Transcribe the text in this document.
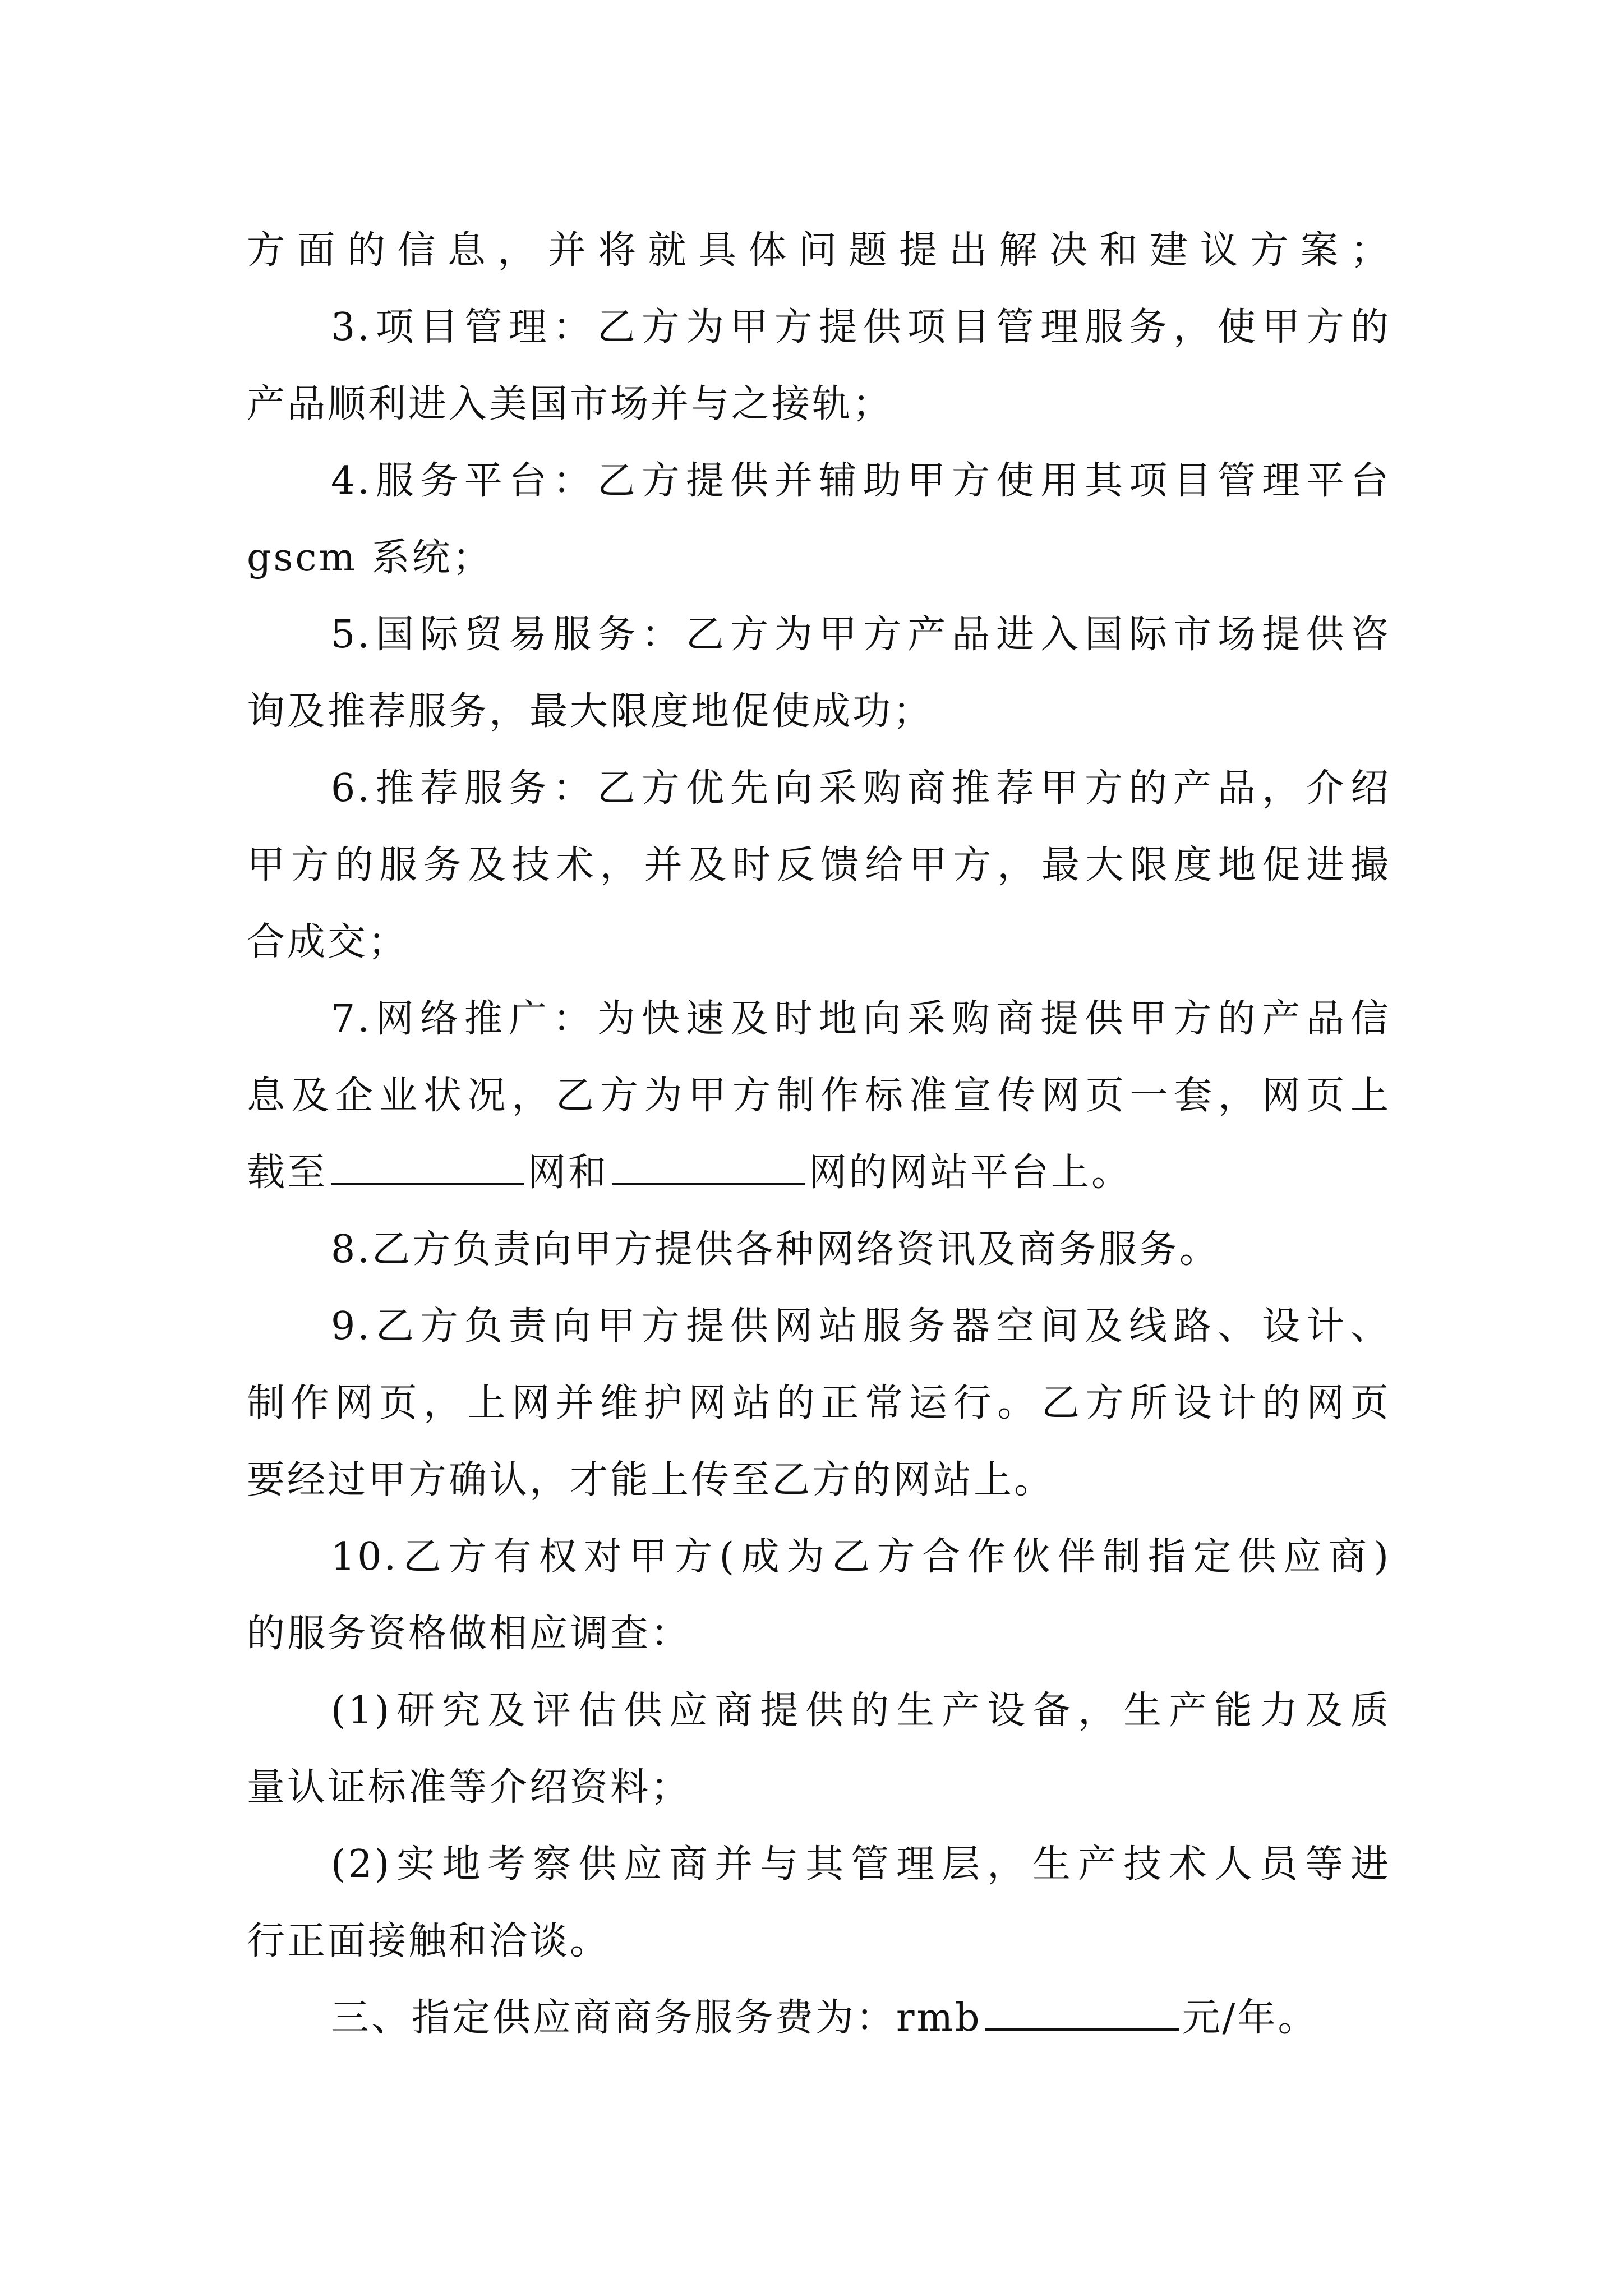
方面的信息，并将就具体问题提出解决和建议方案；
3.项目管理：乙方为甲方提供项目管理服务，使甲方的
产品顺利进入美国市场并与之接轨；
4.服务平台：乙方提供并辅助甲方使用其项目管理平台
gscm 系统；
5.国际贸易服务：乙方为甲方产品进入国际市场提供咨
询及推荐服务，最大限度地促使成功；
6.推荐服务：乙方优先向采购商推荐甲方的产品，介绍
甲方的服务及技术，并及时反馈给甲方，最大限度地促进撮
合成交；
7.网络推广：为快速及时地向采购商提供甲方的产品信
息及企业状况，乙方为甲方制作标准宣传网页一套，网页上
载至	网和	网的网站平台上。
8.乙方负责向甲方提供各种网络资讯及商务服务。
9.乙方负责向甲方提供网站服务器空间及线路、设计、
制作网页，上网并维护网站的正常运行。乙方所设计的网页
要经过甲方确认，才能上传至乙方的网站上。
10.乙方有权对甲方(成为乙方合作伙伴制指定供应商)
的服务资格做相应调查：
(1)研究及评估供应商提供的生产设备，生产能力及质
量认证标准等介绍资料；
(2)实地考察供应商并与其管理层，生产技术人员等进
行正面接触和洽谈。
三、指定供应商商务服务费为：rmb	元/年。
